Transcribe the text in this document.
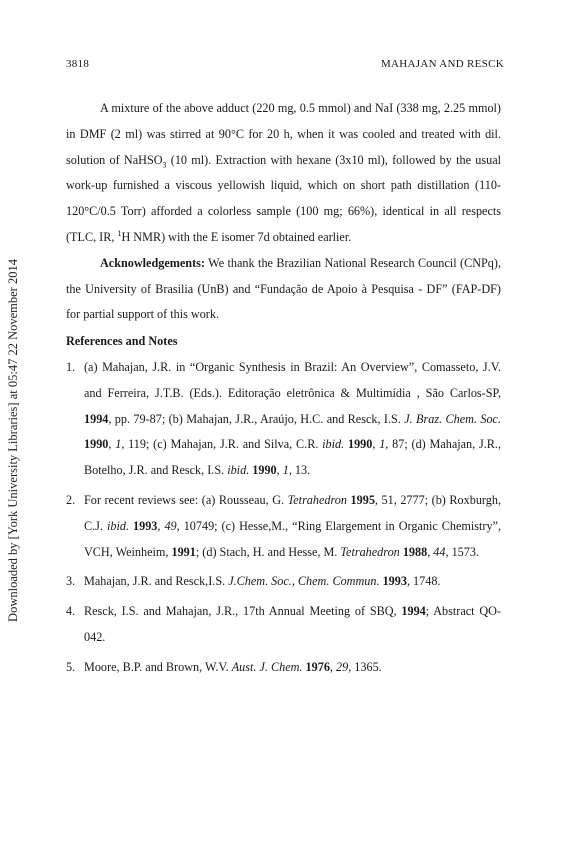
Downloaded by [York University Libraries] at 05:47 22 November 2014
3818	MAHAJAN AND RESCK

A mixture of the above adduct (220 mg, 0.5 mmol) and NaI (338 mg, 2.25 mmol) in DMF (2 ml) was stirred at 90°C for 20 h, when it was cooled and treated with dil. solution of NaHSO$_3$ (10 ml). Extraction with hexane (3x10 ml), followed by the usual work-up furnished a viscous yellowish liquid, which on short path distillation (110-120°C/0.5 Torr) afforded a colorless sample (100 mg; 66%), identical in all respects (TLC, IR, $^1$H NMR) with the E isomer 7d obtained earlier.

Acknowledgements: We thank the Brazilian National Research Council (CNPq), the University of Brasilia (UnB) and “Fundação de Apoio à Pesquisa - DF” (FAP-DF) for partial support of this work.

References and Notes

1. (a) Mahajan, J.R. in “Organic Synthesis in Brazil: An Overview”, Comasseto, J.V. and Ferreira, J.T.B. (Eds.). Editoração eletrônica & Multimídia , São Carlos-SP, 1994, pp. 79-87; (b) Mahajan, J.R., Araújo, H.C. and Resck, I.S. J. Braz. Chem. Soc. 1990, 1, 119; (c) Mahajan, J.R. and Silva, C.R. ibid. 1990, 1, 87; (d) Mahajan, J.R., Botelho, J.R. and Resck, I.S. ibid. 1990, 1, 13.
2. For recent reviews see: (a) Rousseau, G. Tetrahedron 1995, 51, 2777; (b) Roxburgh, C.J. ibid. 1993, 49, 10749; (c) Hesse,M., “Ring Elargement in Organic Chemistry”, VCH, Weinheim, 1991; (d) Stach, H. and Hesse, M. Tetrahedron 1988, 44, 1573.
3. Mahajan, J.R. and Resck,I.S. J.Chem. Soc., Chem. Commun. 1993, 1748.
4. Resck, I.S. and Mahajan, J.R., 17th Annual Meeting of SBQ, 1994; Abstract QO-042.
5. Moore, B.P. and Brown, W.V. Aust. J. Chem. 1976, 29, 1365.
